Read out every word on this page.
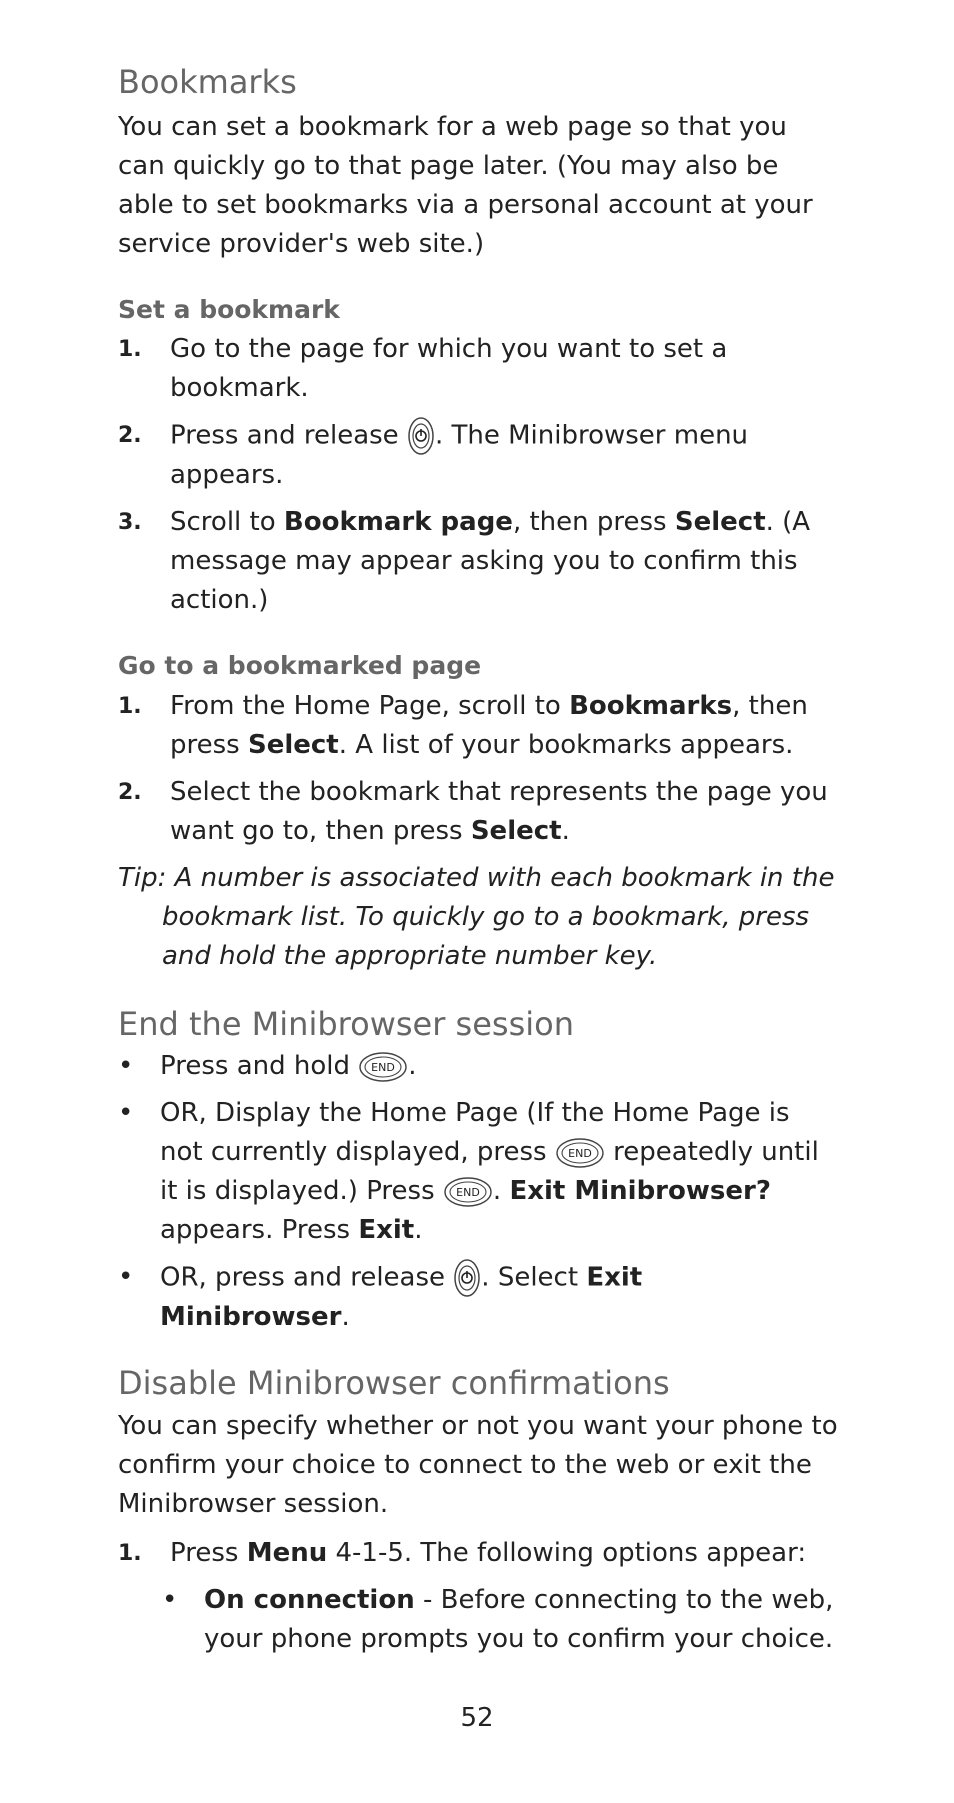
Bookmarks

You can set a bookmark for a web page so that you can quickly go to that page later. (You may also be able to set bookmarks via a personal account at your service provider's web site.)

Set a bookmark
1.	Go to the page for which you want to set a bookmark.
2.	Press and release . The Minibrowser menu appears.
3.	Scroll to Bookmark page, then press Select. (A message may appear asking you to confirm this action.)
Go to a bookmarked page
1.	From the Home Page, scroll to Bookmarks, then press Select. A list of your bookmarks appears.
2.	Select the bookmark that represents the page you want go to, then press Select.

Tip: A number is associated with each bookmark in the bookmark list. To quickly go to a bookmark, press and hold the appropriate number key.

End the Minibrowser session
•	Press and hold END .
•	OR, Display the Home Page (If the Home Page is not currently displayed, press END repeatedly until it is displayed.) Press END . Exit Minibrowser? appears. Press Exit.
•	OR, press and release . Select Exit Minibrowser.
Disable Minibrowser confirmations

You can specify whether or not you want your phone to confirm your choice to connect to the web or exit the Minibrowser session.

1.	Press Menu 4-1-5. The following options appear:
•	On connection - Before connecting to the web, your phone prompts you to confirm your choice.
52
